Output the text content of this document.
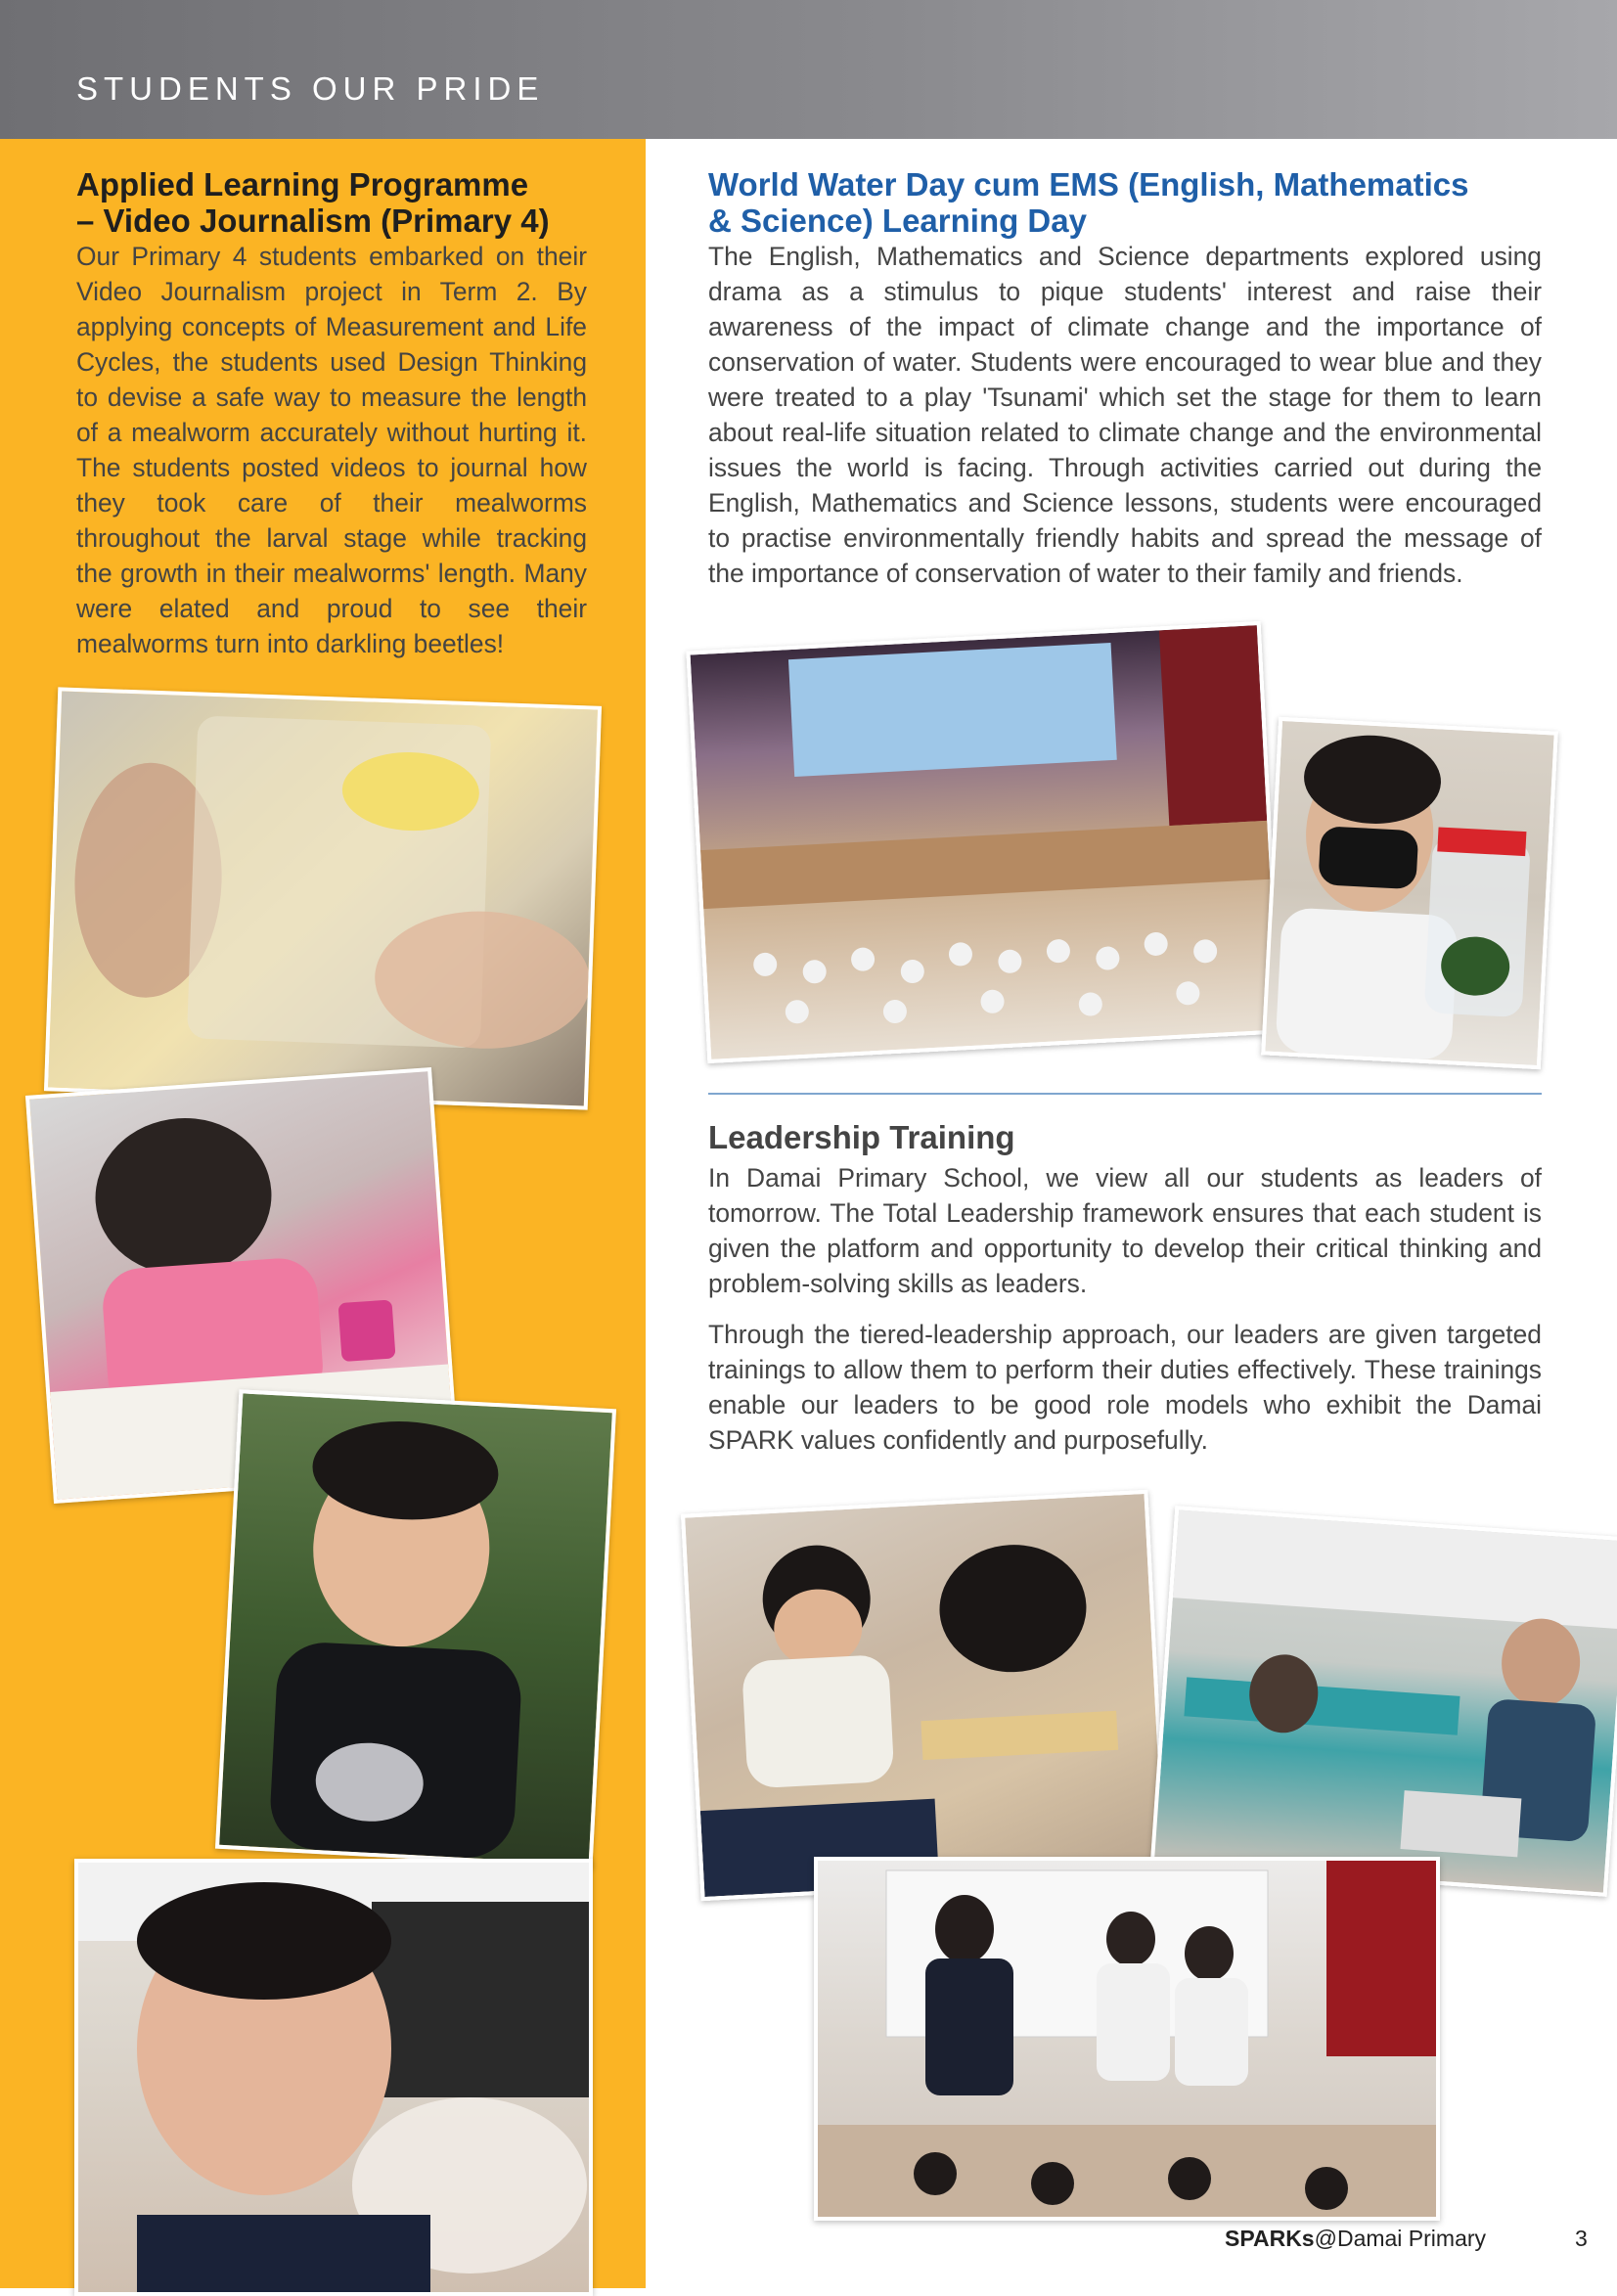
STUDENTS OUR PRIDE
Applied Learning Programme
– Video Journalism (Primary 4)

Our Primary 4 students embarked on their Video Journalism project in Term 2. By applying concepts of Measurement and Life Cycles, the students used Design Thinking to devise a safe way to measure the length of a mealworm accurately without hurting it. The students posted videos to journal how they took care of their mealworms throughout the larval stage while tracking the growth in their mealworms' length. Many were elated and proud to see their mealworms turn into darkling beetles!

World Water Day cum EMS (English, Mathematics
& Science) Learning Day

The English, Mathematics and Science departments explored using drama as a stimulus to pique students' interest and raise their awareness of the impact of climate change and the importance of conservation of water. Students were encouraged to wear blue and they were treated to a play 'Tsunami' which set the stage for them to learn about real-life situation related to climate change and the environmental issues the world is facing. Through activities carried out during the English, Mathematics and Science lessons, students were encouraged to practise environmentally friendly habits and spread the message of the importance of conservation of water to their family and friends.

Leadership Training

In Damai Primary School, we view all our students as leaders of tomorrow. The Total Leadership framework ensures that each student is given the platform and opportunity to develop their critical thinking and problem-solving skills as leaders.

Through the tiered-leadership approach, our leaders are given targeted trainings to allow them to perform their duties effectively. These trainings enable our leaders to be good role models who exhibit the Damai SPARK values confidently and purposefully.

SPARKs@Damai Primary	3
